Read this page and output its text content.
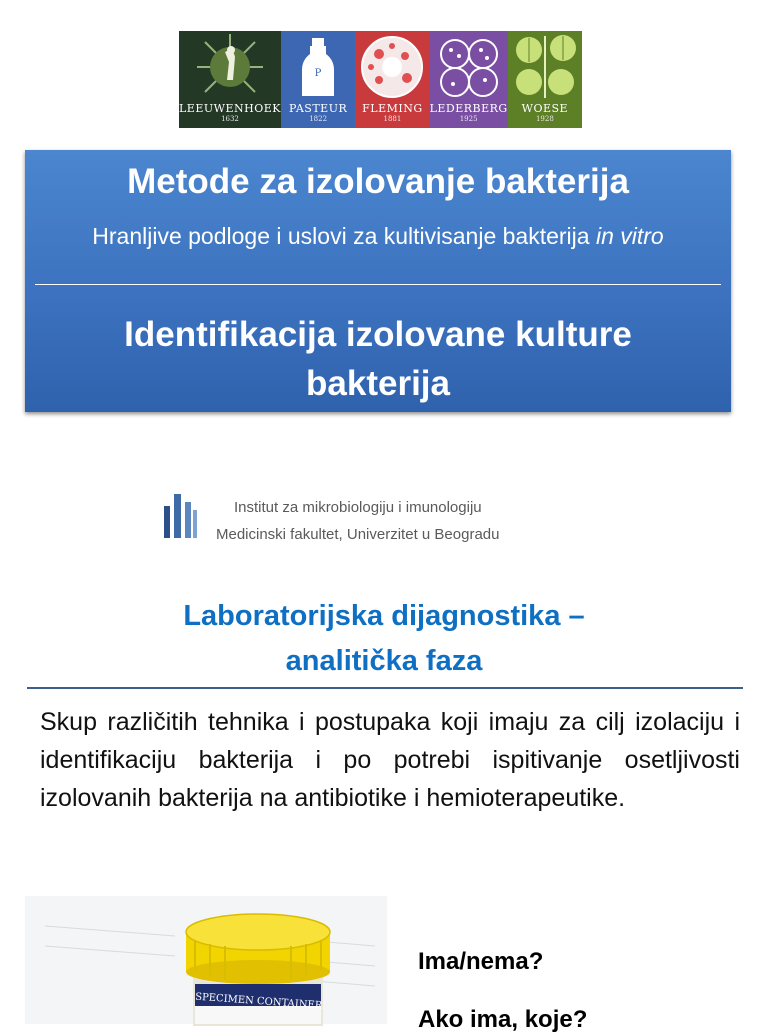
LEEUWENHOEK
1632
P
PASTEUR
1822
FLEMING
1881
LEDERBERG
1925
WOESE
1928
Metode za izolovanje bakterija
Hranljive podloge i uslovi za kultivisanje bakterija in vitro
Identifikacija izolovane kulture bakterija
Institut za mikrobiologiju i imunologiju
Medicinski fakultet, Univerzitet u Beogradu
Laboratorijska dijagnostika –
analitička faza
Skup različitih tehnika i postupaka koji imaju za cilj izolaciju i identifikaciju bakterija i po potrebi ispitivanje osetljivosti izolovanih bakterija na antibiotike i hemioterapeutike.
SPECIMEN CONTAINER
Ima/nema?
Ako ima, koje?
